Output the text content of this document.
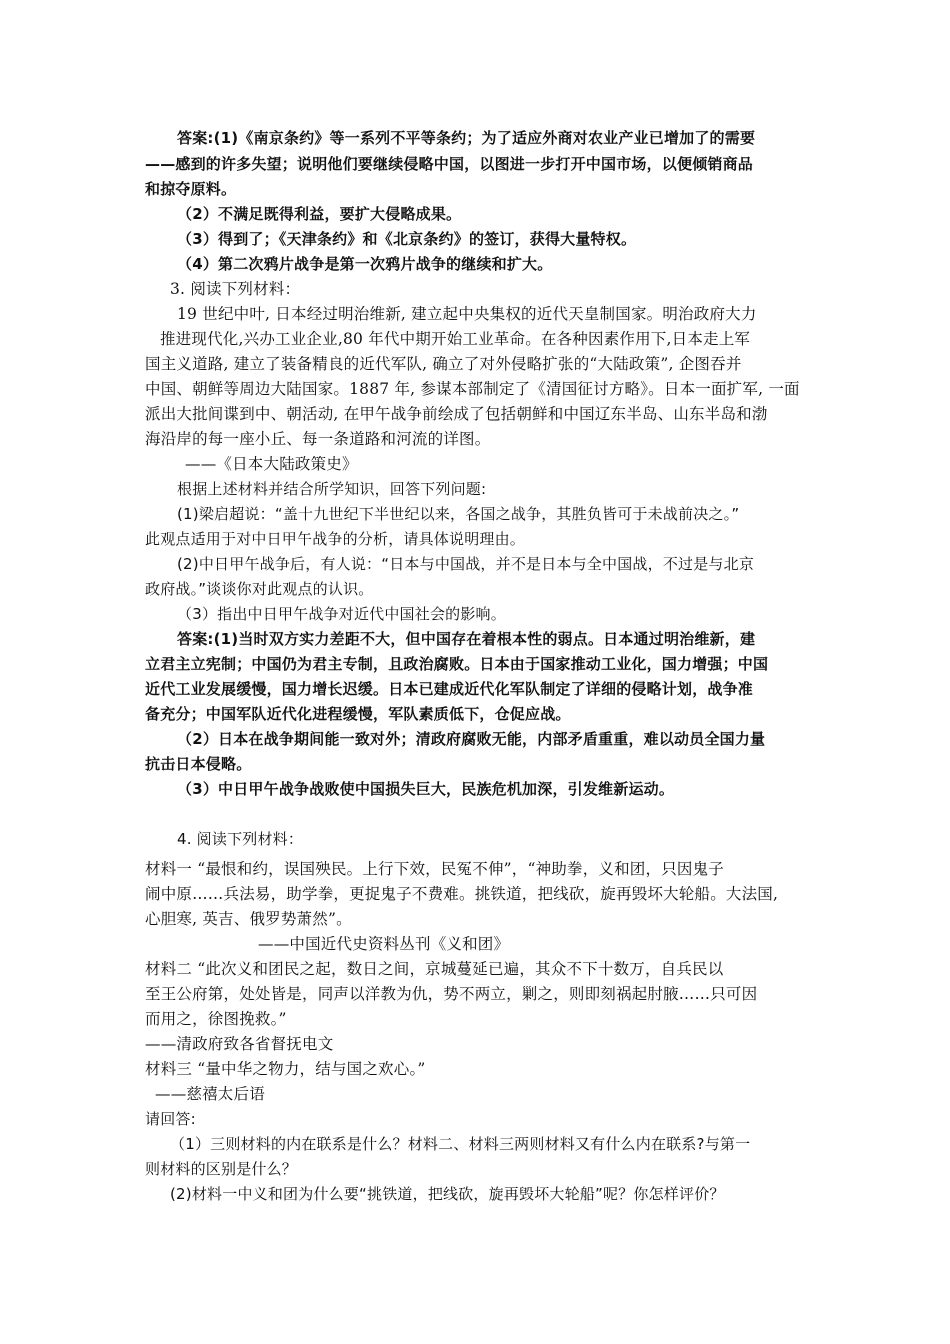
答案:(1)《南京条约》等一系列不平等条约；为了适应外商对农业产业已增加了的需要
——感到的许多失望；说明他们要继续侵略中国，以图进一步打开中国市场，以便倾销商品
和掠夺原料。
（2）不满足既得利益，要扩大侵略成果。
（3）得到了；《天津条约》和《北京条约》的签订，获得大量特权。
（4）第二次鸦片战争是第一次鸦片战争的继续和扩大。
3. 阅读下列材料：
19 世纪中叶, 日本经过明治维新, 建立起中央集权的近代天皇制国家。明治政府大力
推进现代化,兴办工业企业,80 年代中期开始工业革命。在各种因素作用下,日本走上军
国主义道路, 建立了装备精良的近代军队, 确立了对外侵略扩张的“大陆政策”, 企图吞并
中国、朝鲜等周边大陆国家。1887 年, 参谋本部制定了《清国征讨方略》。日本一面扩军, 一面
派出大批间谍到中、朝活动, 在甲午战争前绘成了包括朝鲜和中国辽东半岛、山东半岛和渤
海沿岸的每一座小丘、每一条道路和河流的详图。
——《日本大陆政策史》
根据上述材料并结合所学知识，回答下列问题:
(1)梁启超说：“盖十九世纪下半世纪以来，各国之战争，其胜负皆可于未战前决之。”
此观点适用于对中日甲午战争的分析，请具体说明理由。
(2)中日甲午战争后，有人说：“日本与中国战，并不是日本与全中国战，不过是与北京
政府战。”谈谈你对此观点的认识。
（3）指出中日甲午战争对近代中国社会的影响。
答案:(1)当时双方实力差距不大，但中国存在着根本性的弱点。日本通过明治维新，建
立君主立宪制；中国仍为君主专制，且政治腐败。日本由于国家推动工业化，国力增强；中国
近代工业发展缓慢，国力增长迟缓。日本已建成近代化军队制定了详细的侵略计划，战争准
备充分；中国军队近代化进程缓慢，军队素质低下，仓促应战。
（2）日本在战争期间能一致对外；清政府腐败无能，内部矛盾重重，难以动员全国力量
抗击日本侵略。
（3）中日甲午战争战败使中国损失巨大，民族危机加深，引发维新运动。
4. 阅读下列材料：
材料一 “最恨和约，误国殃民。上行下效，民冤不伸”，“神助拳，义和团，只因鬼子
闹中原……兵法易，助学拳，更捉鬼子不费难。挑铁道，把线砍，旋再毁坏大轮船。大法国,
心胆寒, 英吉、俄罗势萧然”。
——中国近代史资料丛刊《义和团》
材料二 “此次义和团民之起，数日之间，京城蔓延已遍，其众不下十数万，自兵民以
至王公府第，处处皆是，同声以洋教为仇，势不两立，剿之，则即刻祸起肘腋……只可因
而用之，徐图挽救。”
——清政府致各省督抚电文
材料三 “量中华之物力，结与国之欢心。”
——慈禧太后语
请回答:
（1）三则材料的内在联系是什么？材料二、材料三两则材料又有什么内在联系?与第一
则材料的区别是什么？
(2)材料一中义和团为什么要“挑铁道，把线砍，旋再毁坏大轮船”呢？你怎样评价？
